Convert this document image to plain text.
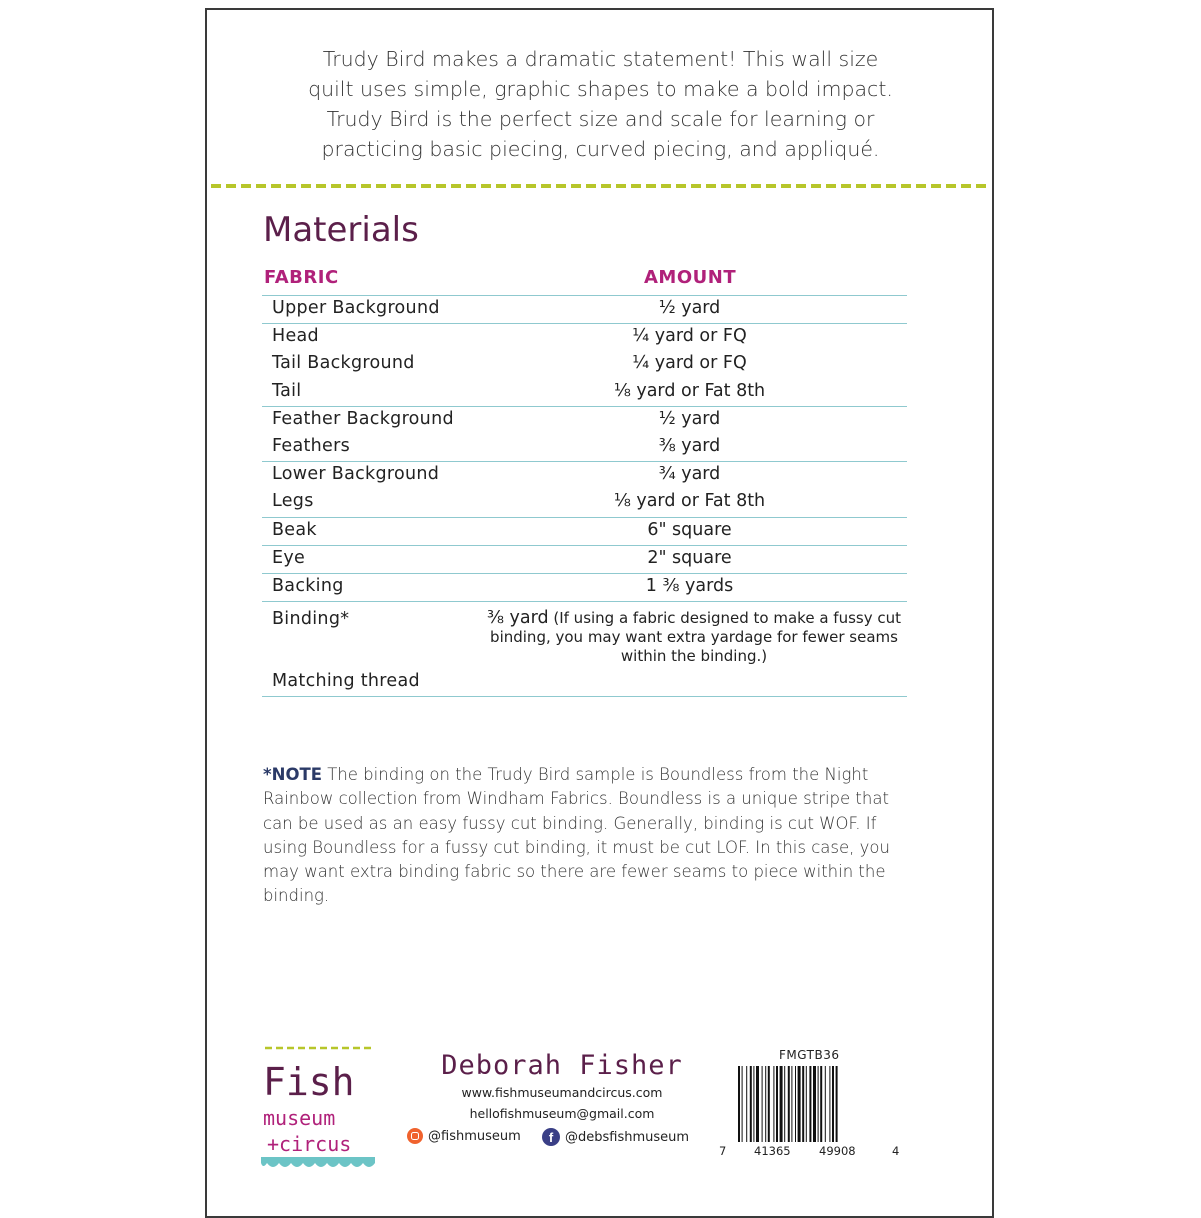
Trudy Bird makes a dramatic statement! This wall size
quilt uses simple, graphic shapes to make a bold impact.
Trudy Bird is the perfect size and scale for learning or
practicing basic piecing, curved piecing, and appliqué.
Materials
FABRIC	AMOUNT
Upper Background	½ yard
Head	¼ yard or FQ
Tail Background	¼ yard or FQ
Tail	⅛ yard or Fat 8th
Feather Background	½ yard
Feathers	⅜ yard
Lower Background	¾ yard
Legs	⅛ yard or Fat 8th
Beak	6" square
Eye	2" square
Backing	1 ⅜ yards
Binding*	⅜ yard (If using a fabric designed to make a fussy cut
binding, you may want extra yardage for fewer seams
within the binding.)
Matching thread
*NOTE The binding on the Trudy Bird sample is Boundless from the Night Rainbow collection from Windham Fabrics. Boundless is a unique stripe that can be used as an easy fussy cut binding. Generally, binding is cut WOF. If using Boundless for a fussy cut binding, it must be cut LOF. In this case, you may want extra binding fabric so there are fewer seams to piece within the binding.
Fish
museum
+circus
Deborah Fisher
www.fishmuseumandcircus.com
hellofishmuseum@gmail.com
@fishmuseum	f @debsfishmuseum
FMGTB36
7 41365 49908	4
